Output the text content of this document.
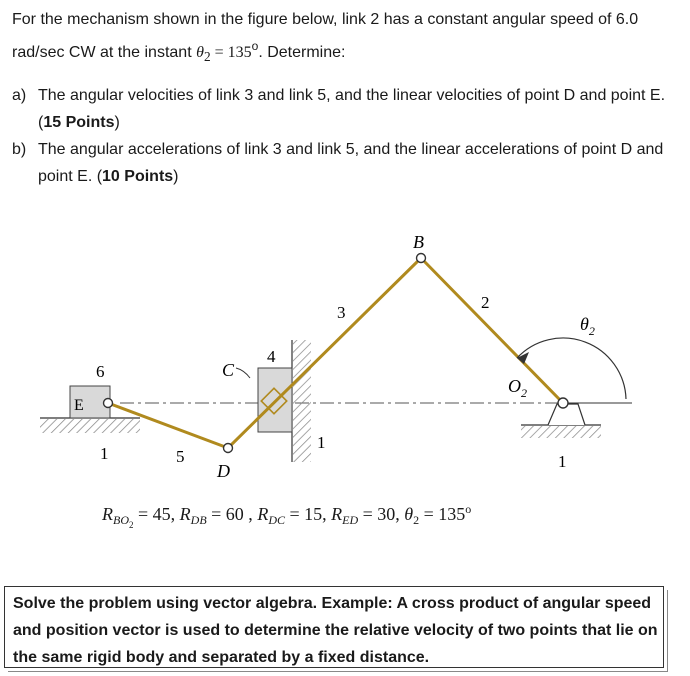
For the mechanism shown in the figure below, link 2 has a constant angular speed of 6.0 rad/sec CW at the instant $\theta_2 = 135^o$. Determine:

a) The angular velocities of link 3 and link 5, and the linear velocities of point D and point E. (15 Points)
b) The angular accelerations of link 3 and link 5, and the linear accelerations of point D and point E. (10 Points)
1
6
E
1
4
1
5
3
2
B
D
C
$O_2$
$\theta_2$
$R_{BO_2} = 45$, $R_{DB} = 60$ , $R_{DC} = 15$, $R_{ED} = 30$, $\theta_2 = 135^o$
Solve the problem using vector algebra. Example: A cross product of angular speed and position vector is used to determine the relative velocity of two points that lie on the same rigid body and separated by a fixed distance.
